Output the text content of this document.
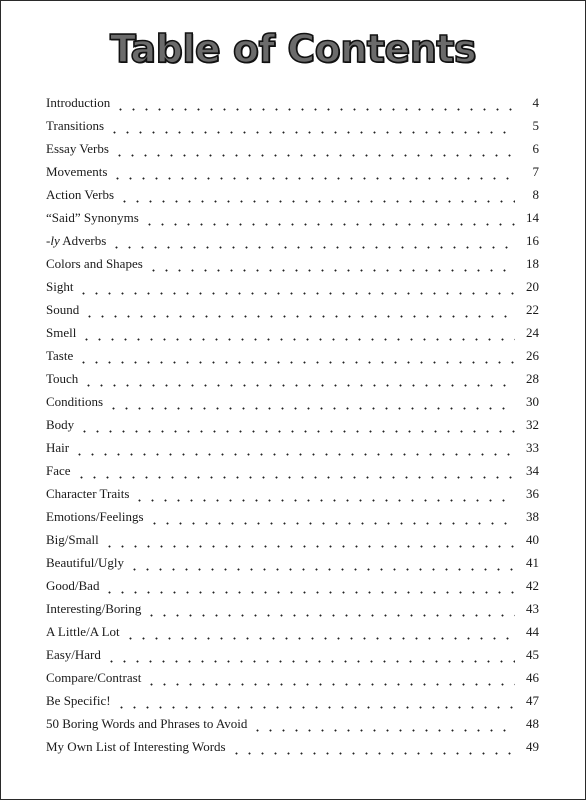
Table of Contents
Introduction	4
Transitions	5
Essay Verbs	6
Movements	7
Action Verbs	8
“Said” Synonyms	14
-ly Adverbs	16
Colors and Shapes	18
Sight	20
Sound	22
Smell	24
Taste	26
Touch	28
Conditions	30
Body	32
Hair	33
Face	34
Character Traits	36
Emotions/Feelings	38
Big/Small	40
Beautiful/Ugly	41
Good/Bad	42
Interesting/Boring	43
A Little/A Lot	44
Easy/Hard	45
Compare/Contrast	46
Be Specific!	47
50 Boring Words and Phrases to Avoid	48
My Own List of Interesting Words	49
